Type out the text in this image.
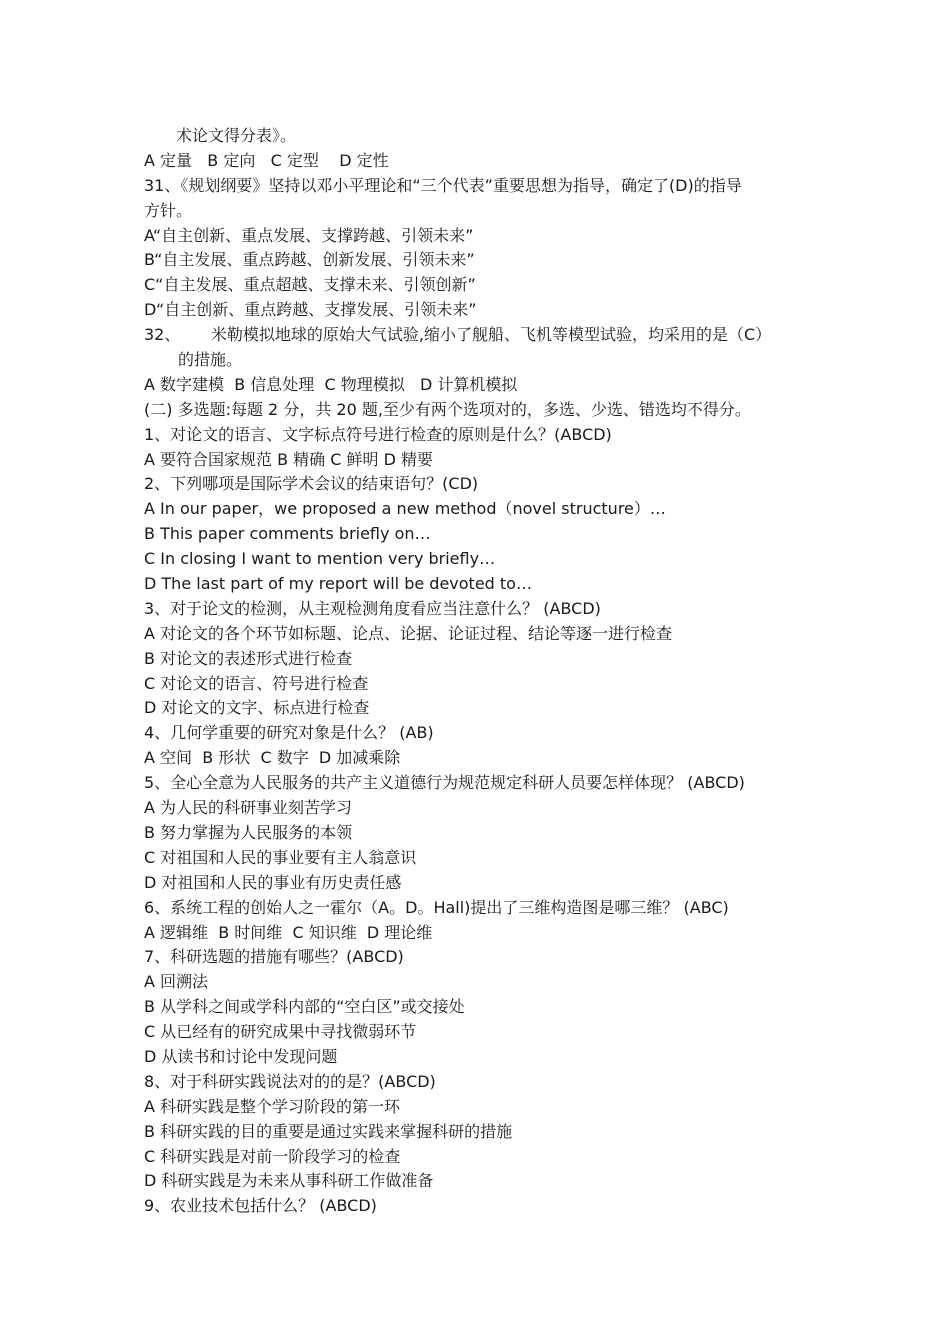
术论文得分表》。
A 定量   B 定向   C 定型    D 定性
31、《规划纲要》坚持以邓小平理论和“三个代表”重要思想为指导，确定了(D)的指导
方针。
A“自主创新、重点发展、支撑跨越、引领未来”
B“自主发展、重点跨越、创新发展、引领未来”
C“自主发展、重点超越、支撑未来、引领创新”
D“自主创新、重点跨越、支撑发展、引领未来”
32、      米勒模拟地球的原始大气试验,缩小了舰船、飞机等模型试验，均采用的是（C）
的措施。
A 数字建模  B 信息处理  C 物理模拟   D 计算机模拟
(二) 多选题:每题 2 分，共 20 题,至少有两个选项对的，多选、少选、错选均不得分。
1、对论文的语言、文字标点符号进行检查的原则是什么？(ABCD)
A 要符合国家规范 B 精确 C 鲜明 D 精要
2、下列哪项是国际学术会议的结束语句？(CD)
A In our paper，we proposed a new method（novel structure）…
B This paper comments briefly on…
C In closing I want to mention very briefly…
D The last part of my report will be devoted to…
3、对于论文的检测，从主观检测角度看应当注意什么？ (ABCD)
A 对论文的各个环节如标题、论点、论据、论证过程、结论等逐一进行检查
B 对论文的表述形式进行检查
C 对论文的语言、符号进行检查
D 对论文的文字、标点进行检查
4、几何学重要的研究对象是什么？ (AB)
A 空间  B 形状  C 数字  D 加减乘除
5、全心全意为人民服务的共产主义道德行为规范规定科研人员要怎样体现？ (ABCD)
A 为人民的科研事业刻苦学习
B 努力掌握为人民服务的本领
C 对祖国和人民的事业要有主人翁意识
D 对祖国和人民的事业有历史责任感
6、系统工程的创始人之一霍尔（A。D。Hall)提出了三维构造图是哪三维？ (ABC)
A 逻辑维  B 时间维  C 知识维  D 理论维
7、科研选题的措施有哪些？(ABCD)
A 回溯法
B 从学科之间或学科内部的“空白区”或交接处
C 从已经有的研究成果中寻找微弱环节
D 从读书和讨论中发现问题
8、对于科研实践说法对的的是？(ABCD)
A 科研实践是整个学习阶段的第一环
B 科研实践的目的重要是通过实践来掌握科研的措施
C 科研实践是对前一阶段学习的检查
D 科研实践是为未来从事科研工作做准备
9、农业技术包括什么？ (ABCD)
